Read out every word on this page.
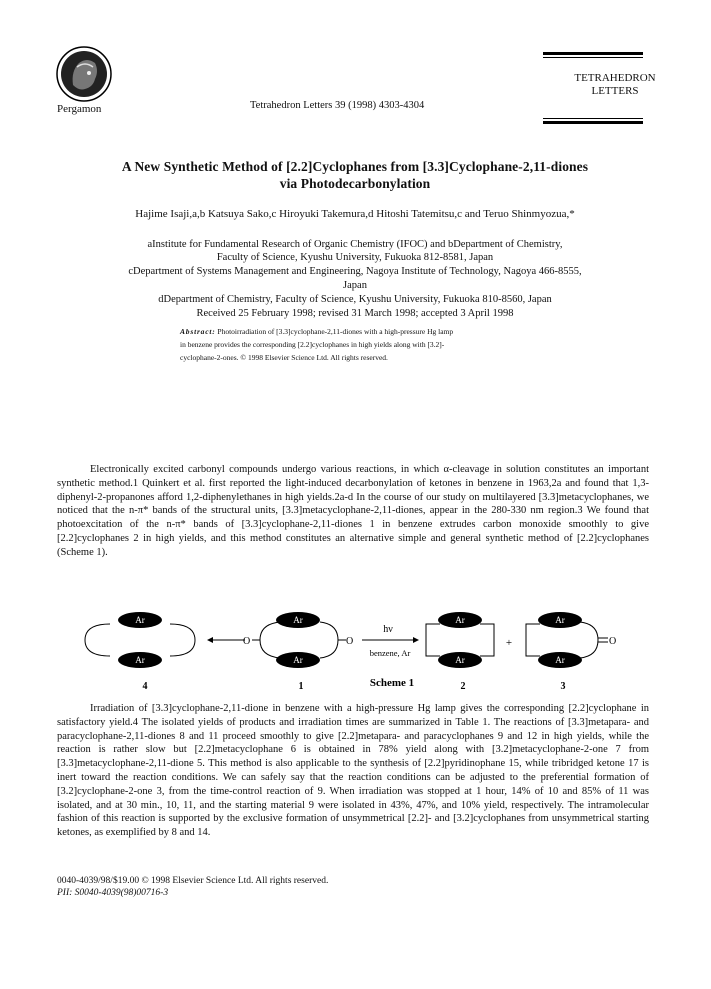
Pergamon	Tetrahedron Letters 39 (1998) 4303-4304
TETRAHEDRON
LETTERS
A New Synthetic Method of [2.2]Cyclophanes from [3.3]Cyclophane-2,11-diones
via Photodecarbonylation
Hajime Isaji,a,b Katsuya Sako,c Hiroyuki Takemura,d Hitoshi Tatemitsu,c and Teruo Shinmyozua,*
aInstitute for Fundamental Research of Organic Chemistry (IFOC) and bDepartment of Chemistry,
Faculty of Science, Kyushu University, Fukuoka 812-8581, Japan
cDepartment of Systems Management and Engineering, Nagoya Institute of Technology, Nagoya 466-8555,
Japan
dDepartment of Chemistry, Faculty of Science, Kyushu University, Fukuoka 810-8560, Japan
Received 25 February 1998; revised 31 March 1998; accepted 3 April 1998
Abstract: Photoirradiation of [3.3]cyclophane-2,11-diones with a high-pressure Hg lamp
in benzene provides the corresponding [2.2]cyclophanes in high yields along with [3.2]-
cyclophane-2-ones. © 1998 Elsevier Science Ltd. All rights reserved.
Electronically excited carbonyl compounds undergo various reactions, in which α-cleavage in solution constitutes an important synthetic method.1 Quinkert et al. first reported the light-induced decarbonylation of ketones in benzene in 1963,2a and found that 1,3-diphenyl-2-propanones afford 1,2-diphenylethanes in high yields.2a-d In the course of our study on multilayered [3.3]metacyclophanes, we noticed that the n-π* bands of the structural units, [3.3]metacyclophane-2,11-diones, appear in the 280-330 nm region.3 We found that photoexcitation of the n-π* bands of [3.3]cyclophane-2,11-diones 1 in benzene extrudes carbon monoxide smoothly to give [2.2]cyclophanes 2 in high yields, and this method constitutes an alternative simple and general synthetic method of [2.2]cyclophanes (Scheme 1).
Ar
Ar
O	O
Ar
Ar
hν
benzene, Ar
Ar
Ar
+	O
Ar
Ar
4	1	Scheme 1	2	3
Irradiation of [3.3]cyclophane-2,11-dione in benzene with a high-pressure Hg lamp gives the corresponding [2.2]cyclophane in satisfactory yield.4 The isolated yields of products and irradiation times are summarized in Table 1. The reactions of [3.3]metapara- and paracyclophane-2,11-diones 8 and 11 proceed smoothly to give [2.2]metapara- and paracyclophanes 9 and 12 in high yields, while the reaction is rather slow but [2.2]metacyclophane 6 is obtained in 78% yield along with [3.2]metacyclophane-2-one 7 from [3.3]metacyclophane-2,11-dione 5. This method is also applicable to the synthesis of [2.2]pyridinophane 15, while tribridged ketone 17 is inert toward the reaction conditions. We can safely say that the reaction conditions can be adjusted to the preferential formation of [3.2]cyclophane-2-one 3, from the time-control reaction of 9. When irradiation was stopped at 1 hour, 14% of 10 and 85% of 11 was isolated, and at 30 min., 10, 11, and the starting material 9 were isolated in 43%, 47%, and 10% yield, respectively. The intramolecular fashion of this reaction is supported by the exclusive formation of unsymmetrical [2.2]- and [3.2]cyclophanes from unsymmetrical starting ketones, as exemplified by 8 and 14.
0040-4039/98/$19.00 © 1998 Elsevier Science Ltd. All rights reserved.
PII: S0040-4039(98)00716-3
